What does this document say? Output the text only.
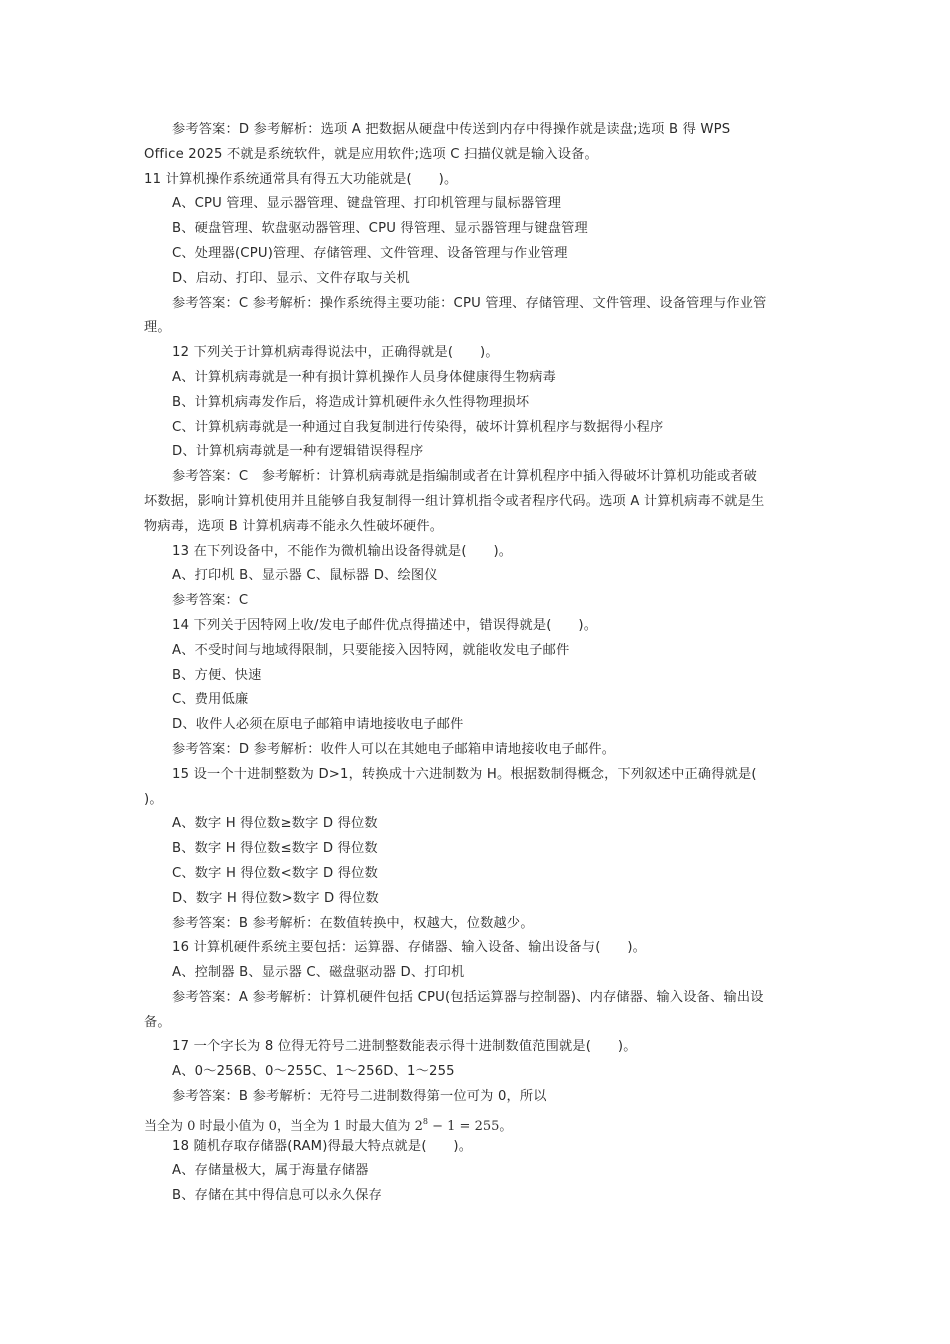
参考答案：D 参考解析：选项 A 把数据从硬盘中传送到内存中得操作就是读盘;选项 B 得 WPS
Office 2025 不就是系统软件，就是应用软件;选项 C 扫描仪就是输入设备。
11 计算机操作系统通常具有得五大功能就是(　　)。
A、CPU 管理、显示器管理、键盘管理、打印机管理与鼠标器管理
B、硬盘管理、软盘驱动器管理、CPU 得管理、显示器管理与键盘管理
C、处理器(CPU)管理、存储管理、文件管理、设备管理与作业管理
D、启动、打印、显示、文件存取与关机
参考答案：C 参考解析：操作系统得主要功能：CPU 管理、存储管理、文件管理、设备管理与作业管
理。
12 下列关于计算机病毒得说法中，正确得就是(　　)。
A、计算机病毒就是一种有损计算机操作人员身体健康得生物病毒
B、计算机病毒发作后，将造成计算机硬件永久性得物理损坏
C、计算机病毒就是一种通过自我复制进行传染得，破坏计算机程序与数据得小程序
D、计算机病毒就是一种有逻辑错误得程序
参考答案：C　参考解析：计算机病毒就是指编制或者在计算机程序中插入得破坏计算机功能或者破
坏数据，影响计算机使用并且能够自我复制得一组计算机指令或者程序代码。选项 A 计算机病毒不就是生
物病毒，选项 B 计算机病毒不能永久性破坏硬件。
13 在下列设备中，不能作为微机输出设备得就是(　　)。
A、打印机 B、显示器 C、鼠标器 D、绘图仪
参考答案：C
14 下列关于因特网上收/发电子邮件优点得描述中，错误得就是(　　)。
A、不受时间与地域得限制，只要能接入因特网，就能收发电子邮件
B、方便、快速
C、费用低廉
D、收件人必须在原电子邮箱申请地接收电子邮件
参考答案：D 参考解析：收件人可以在其她电子邮箱申请地接收电子邮件。
15 设一个十进制整数为 D>1，转换成十六进制数为 H。根据数制得概念，下列叙述中正确得就是(
)。
A、数字 H 得位数≥数字 D 得位数
B、数字 H 得位数≤数字 D 得位数
C、数字 H 得位数<数字 D 得位数
D、数字 H 得位数>数字 D 得位数
参考答案：B 参考解析：在数值转换中，权越大，位数越少。
16 计算机硬件系统主要包括：运算器、存储器、输入设备、输出设备与(　　)。
A、控制器 B、显示器 C、磁盘驱动器 D、打印机
参考答案：A 参考解析：计算机硬件包括 CPU(包括运算器与控制器)、内存储器、输入设备、输出设
备。
17 一个字长为 8 位得无符号二进制整数能表示得十进制数值范围就是(　　)。
A、0～256B、0～255C、1～256D、1～255
参考答案：B 参考解析：无符号二进制数得第一位可为 0，所以
当全为 0 时最小值为 0，当全为 1 时最大值为 $2^8 - 1 = 255$。
18 随机存取存储器(RAM)得最大特点就是(　　)。
A、存储量极大，属于海量存储器
B、存储在其中得信息可以永久保存
